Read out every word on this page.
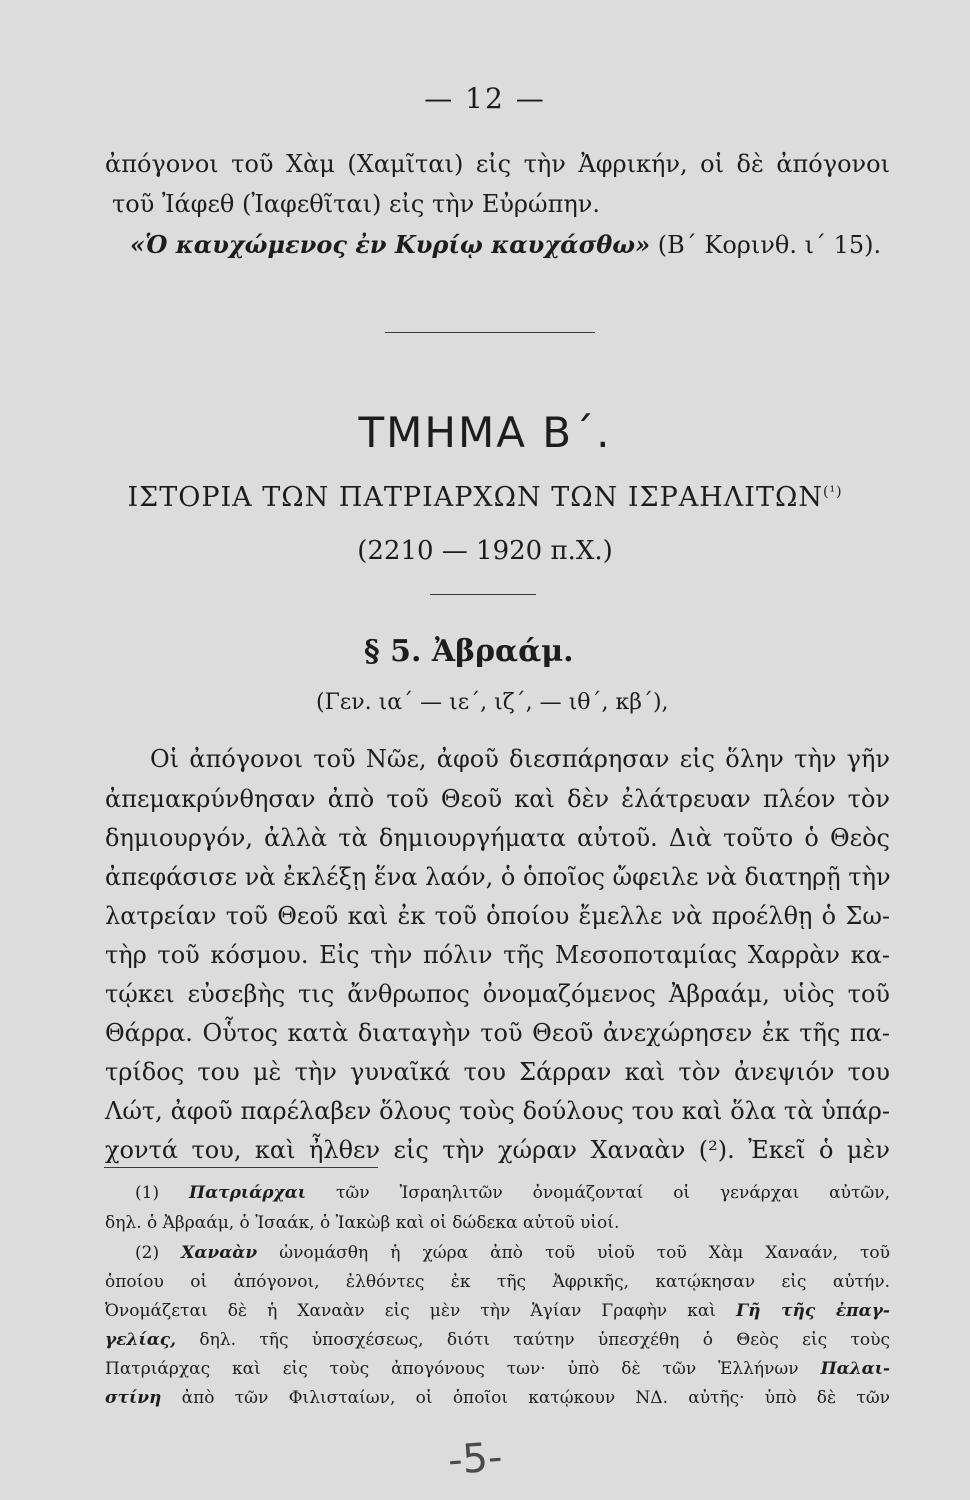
— 12 —
ἀπόγονοι τοῦ Χὰμ (Χαμῖται) εἰς τὴν Ἀφρικήν, οἱ δὲ ἀπόγονοι
τοῦ Ἰάφεθ (Ἰαφεθῖται) εἰς τὴν Εὐρώπην.
«Ὁ καυχώμενος ἐν Κυρίῳ καυχάσθω» (Β΄ Κορινθ. ι΄ 15).
ΤΜΗΜΑ Β΄.
ΙΣΤΟΡΙΑ ΤΩΝ ΠΑΤΡΙΑΡΧΩΝ ΤΩΝ $I\Sigma PAH\Lambda IT\Omega N^{(^1)}$
(2210 — 1920 π.Χ.)
§ 5. Ἀβραάμ.
(Γεν. ια΄ — ιε΄, ιζ΄, — ιθ΄, κβ΄),
Οἱ ἀπόγονοι τοῦ Νῶε, ἀφοῦ διεσπάρησαν εἰς ὅλην τὴν γῆν
ἀπεμακρύνθησαν ἀπὸ τοῦ Θεοῦ καὶ δὲν ἐλάτρευαν πλέον τὸν
δημιουργόν, ἀλλὰ τὰ δημιουργήματα αὐτοῦ. Διὰ τοῦτο ὁ Θεὸς
ἀπεφάσισε νὰ ἐκλέξῃ ἕνα λαόν, ὁ ὁποῖος ὤφειλε νὰ διατηρῇ τὴν
λατρείαν τοῦ Θεοῦ καὶ ἐκ τοῦ ὁποίου ἔμελλε νὰ προέλθῃ ὁ Σω-
τὴρ τοῦ κόσμου. Εἰς τὴν πόλιν τῆς Μεσοποταμίας Χαρρὰν κα-
τῴκει εὐσεβὴς τις ἄνθρωπος ὀνομαζόμενος Ἀβραάμ, υἱὸς τοῦ
Θάρρα. Οὗτος κατὰ διαταγὴν τοῦ Θεοῦ ἀνεχώρησεν ἐκ τῆς πα-
τρίδος του μὲ τὴν γυναῖκά του Σάρραν καὶ τὸν ἀνεψιόν του
Λώτ, ἀφοῦ παρέλαβεν ὅλους τοὺς δούλους του καὶ ὅλα τὰ ὑπάρ-
χοντά του, καὶ ἦλθεν εἰς τὴν χώραν Χαναὰν (²). Ἐκεῖ ὁ μὲν
(1) Πατριάρχαι τῶν Ἰσραηλιτῶν ὀνομάζονταί οἱ γενάρχαι αὐτῶν,
δηλ. ὁ Ἀβραάμ, ὁ Ἰσαάκ, ὁ Ἰακὼβ καὶ οἱ δώδεκα αὐτοῦ υἱοί.
(2) Χαναὰν ὠνομάσθη ἡ χώρα ἀπὸ τοῦ υἱοῦ τοῦ Χὰμ Χαναάν, τοῦ
ὁποίου οἱ ἀπόγονοι, ἐλθόντες ἐκ τῆς Ἀφρικῆς, κατῴκησαν εἰς αὐτήν.
Ὀνομάζεται δὲ ἡ Χαναὰν εἰς μὲν τὴν Ἁγίαν Γραφὴν καὶ Γῆ τῆς ἐπαγ-
γελίας, δηλ. τῆς ὑποσχέσεως, διότι ταύτην ὑπεσχέθη ὁ Θεὸς εἰς τοὺς
Πατριάρχας καὶ εἰς τοὺς ἀπογόνους των· ὑπὸ δὲ τῶν Ἑλλήνων Παλαι-
στίνη ἀπὸ τῶν Φιλισταίων, οἱ ὁποῖοι κατῴκουν ΝΔ. αὐτῆς· ὑπὸ δὲ τῶν
-5-
